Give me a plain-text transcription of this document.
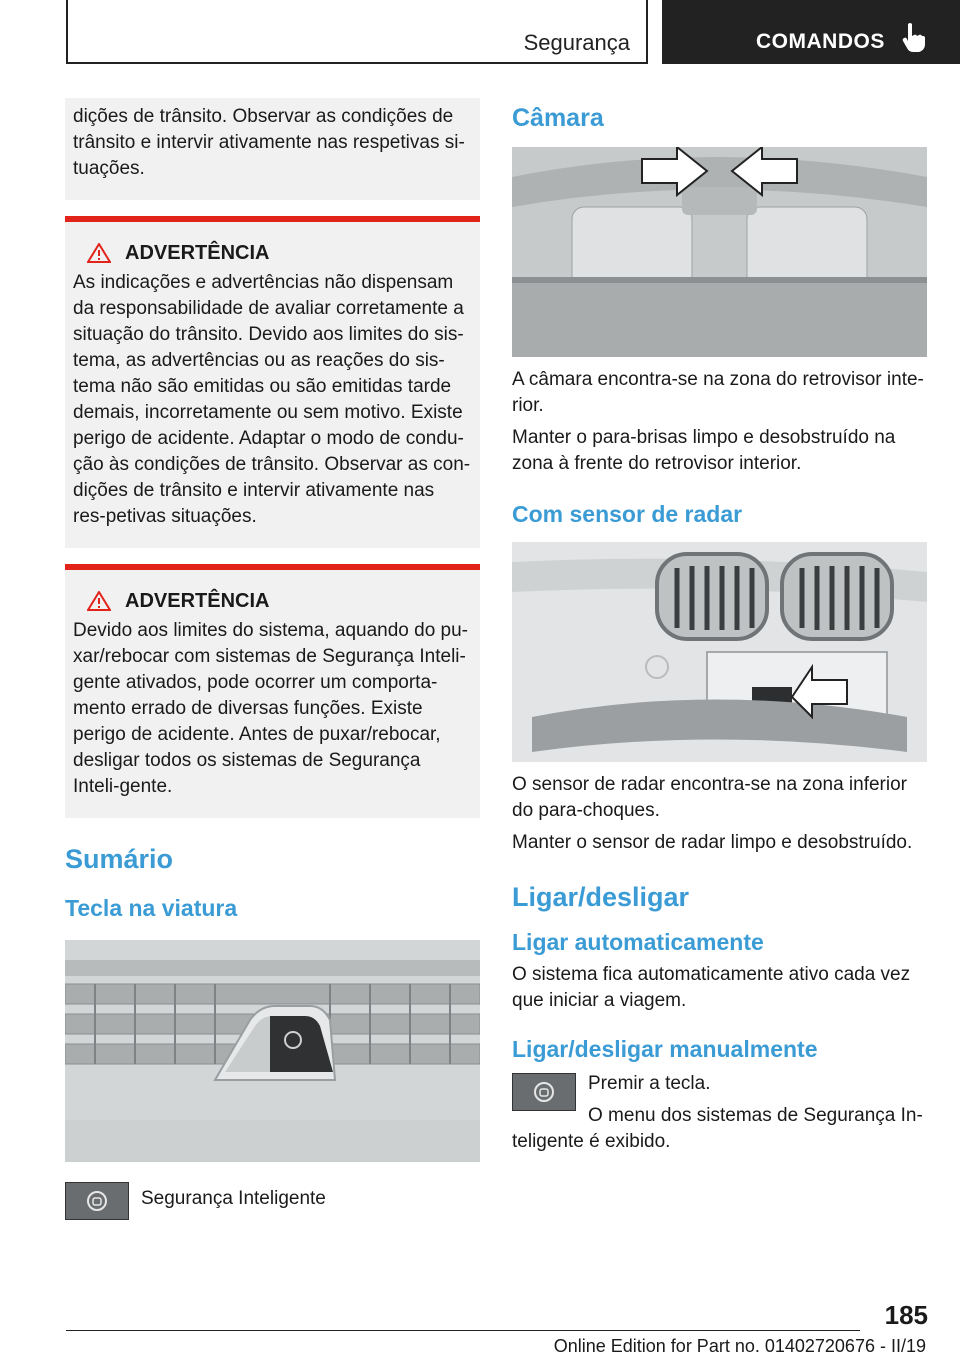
Segurança	COMANDOS
dições de trânsito. Observar as condições de trânsito e intervir ativamente nas respetivas si-tuações.
ADVERTÊNCIA
As indicações e advertências não dispensam da responsabilidade de avaliar corretamente a situação do trânsito. Devido aos limites do sis-tema, as advertências ou as reações do sis-tema não são emitidas ou são emitidas tarde demais, incorretamente ou sem motivo. Existe perigo de acidente. Adaptar o modo de condu-ção às condições de trânsito. Observar as con-dições de trânsito e intervir ativamente nas res-petivas situações.
ADVERTÊNCIA
Devido aos limites do sistema, aquando do pu-xar/rebocar com sistemas de Segurança Inteli-gente ativados, pode ocorrer um comporta-mento errado de diversas funções. Existe perigo de acidente. Antes de puxar/rebocar, desligar todos os sistemas de Segurança Inteli-gente.
Sumário
Tecla na viatura
Segurança Inteligente
Câmara
A câmara encontra-se na zona do retrovisor inte-rior.
Manter o para-brisas limpo e desobstruído na zona à frente do retrovisor interior.
Com sensor de radar
O sensor de radar encontra-se na zona inferior do para-choques.
Manter o sensor de radar limpo e desobstruído.
Ligar/desligar
Ligar automaticamente
O sistema fica automaticamente ativo cada vez que iniciar a viagem.
Ligar/desligar manualmente
Premir a tecla.
O menu dos sistemas de Segurança In-teligente é exibido.
185
Online Edition for Part no. 01402720676 - II/19
